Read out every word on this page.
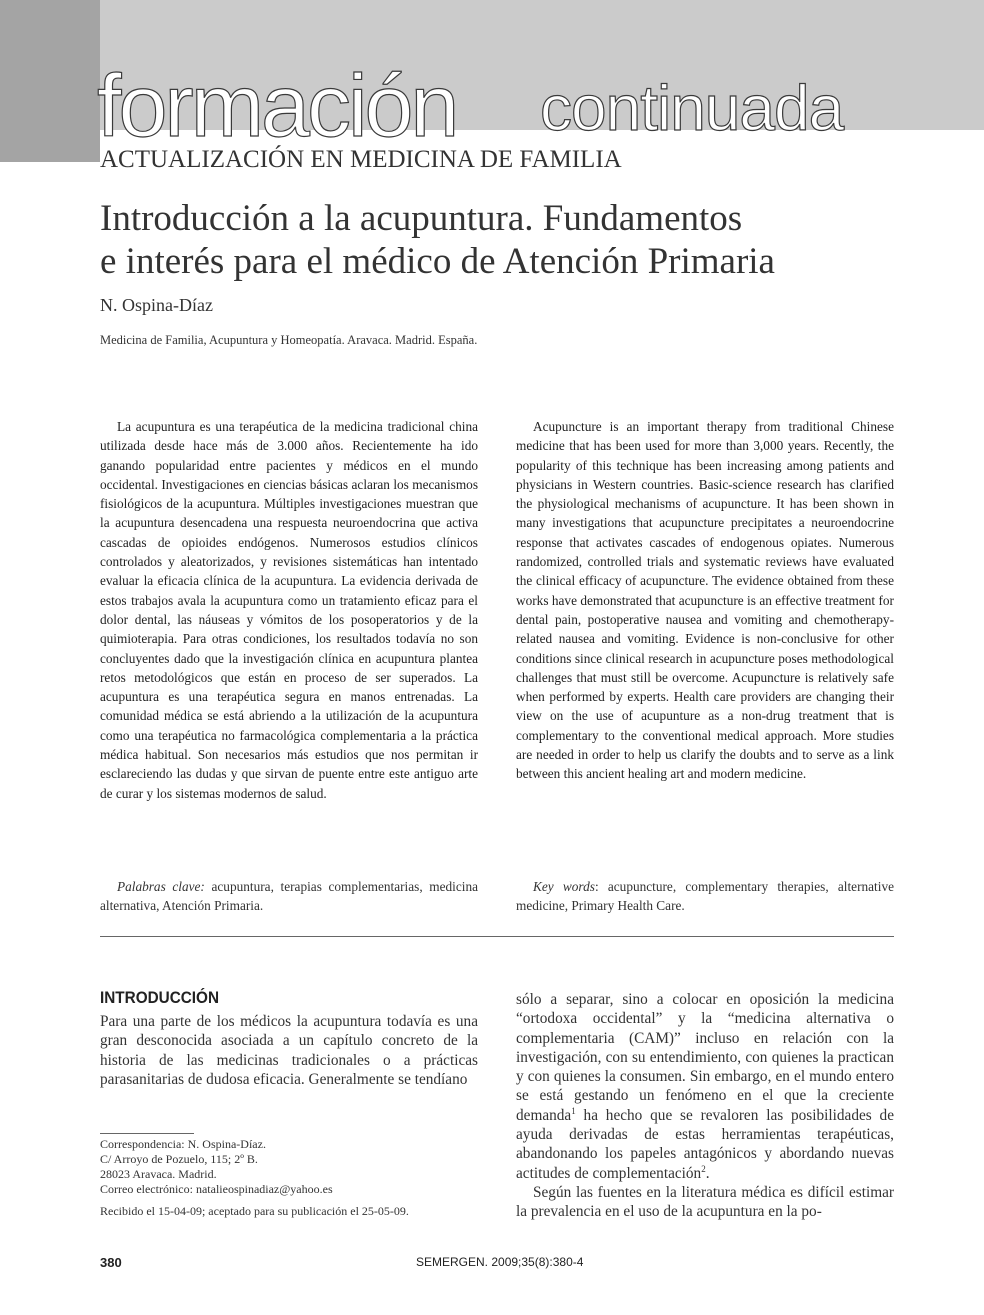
formación continuada
ACTUALIZACIÓN EN MEDICINA DE FAMILIA
Introducción a la acupuntura. Fundamentos
e interés para el médico de Atención Primaria
N. Ospina-Díaz
Medicina de Familia, Acupuntura y Homeopatía. Aravaca. Madrid. España.

La acupuntura es una terapéutica de la medicina tradicional china utilizada desde hace más de 3.000 años. Recientemente ha ido ganando popularidad entre pacientes y médicos en el mundo occidental. Investigaciones en ciencias básicas aclaran los mecanismos fisiológicos de la acupuntura. Múltiples investigaciones muestran que la acupuntura desencadena una respuesta neuroendocrina que activa cascadas de opioides endógenos. Numerosos estudios clínicos controlados y aleatorizados, y revisiones sistemáticas han intentado evaluar la eficacia clínica de la acupuntura. La evidencia derivada de estos trabajos avala la acupuntura como un tratamiento eficaz para el dolor dental, las náuseas y vómitos de los posoperatorios y de la quimioterapia. Para otras condiciones, los resultados todavía no son concluyentes dado que la investigación clínica en acupuntura plantea retos metodológicos que están en proceso de ser superados. La acupuntura es una terapéutica segura en manos entrenadas. La comunidad médica se está abriendo a la utilización de la acupuntura como una terapéutica no farmacológica complementaria a la práctica médica habitual. Son necesarios más estudios que nos permitan ir esclareciendo las dudas y que sirvan de puente entre este antiguo arte de curar y los sistemas modernos de salud.

Acupuncture is an important therapy from traditional Chinese medicine that has been used for more than 3,000 years. Recently, the popularity of this technique has been increasing among patients and physicians in Western countries. Basic-science research has clarified the physiological mechanisms of acupuncture. It has been shown in many investigations that acupuncture precipitates a neuroendocrine response that activates cascades of endogenous opiates. Numerous randomized, controlled trials and systematic reviews have evaluated the clinical efficacy of acupuncture. The evidence obtained from these works have demonstrated that acupuncture is an effective treatment for dental pain, postoperative nausea and vomiting and chemotherapy-related nausea and vomiting. Evidence is non-conclusive for other conditions since clinical research in acupuncture poses methodological challenges that must still be overcome. Acupuncture is relatively safe when performed by experts. Health care providers are changing their view on the use of acupunture as a non-drug treatment that is complementary to the conventional medical approach. More studies are needed in order to help us clarify the doubts and to serve as a link between this ancient healing art and modern medicine.

Palabras clave: acupuntura, terapias complementarias, medicina alternativa, Atención Primaria.

Key words: acupuncture, complementary therapies, alternative medicine, Primary Health Care.

INTRODUCCIÓN

Para una parte de los médicos la acupuntura todavía es una gran desconocida asociada a un capítulo concreto de la historia de las medicinas tradicionales o a prácticas parasanitarias de dudosa eficacia. Generalmente se tendíano

sólo a separar, sino a colocar en oposición la medicina “ortodoxa occidental” y la “medicina alternativa o complementaria (CAM)” incluso en relación con la investigación, con su entendimiento, con quienes la practican y con quienes la consumen. Sin embargo, en el mundo entero se está gestando un fenómeno en el que la creciente demanda$^1$ ha hecho que se revaloren las posibilidades de ayuda derivadas de estas herramientas terapéuticas, abandonando los papeles antagónicos y abordando nuevas actitudes de complementación$^2$.

Según las fuentes en la literatura médica es difícil estimar la prevalencia en el uso de la acupuntura en la po-

Correspondencia: N. Ospina-Díaz.
C/ Arroyo de Pozuelo, 115; 2º B.
28023 Aravaca. Madrid.
Correo electrónico: natalieospinadiaz@yahoo.es
Recibido el 15-04-09; aceptado para su publicación el 25-05-09.
380	SEMERGEN. 2009;35(8):380-4
